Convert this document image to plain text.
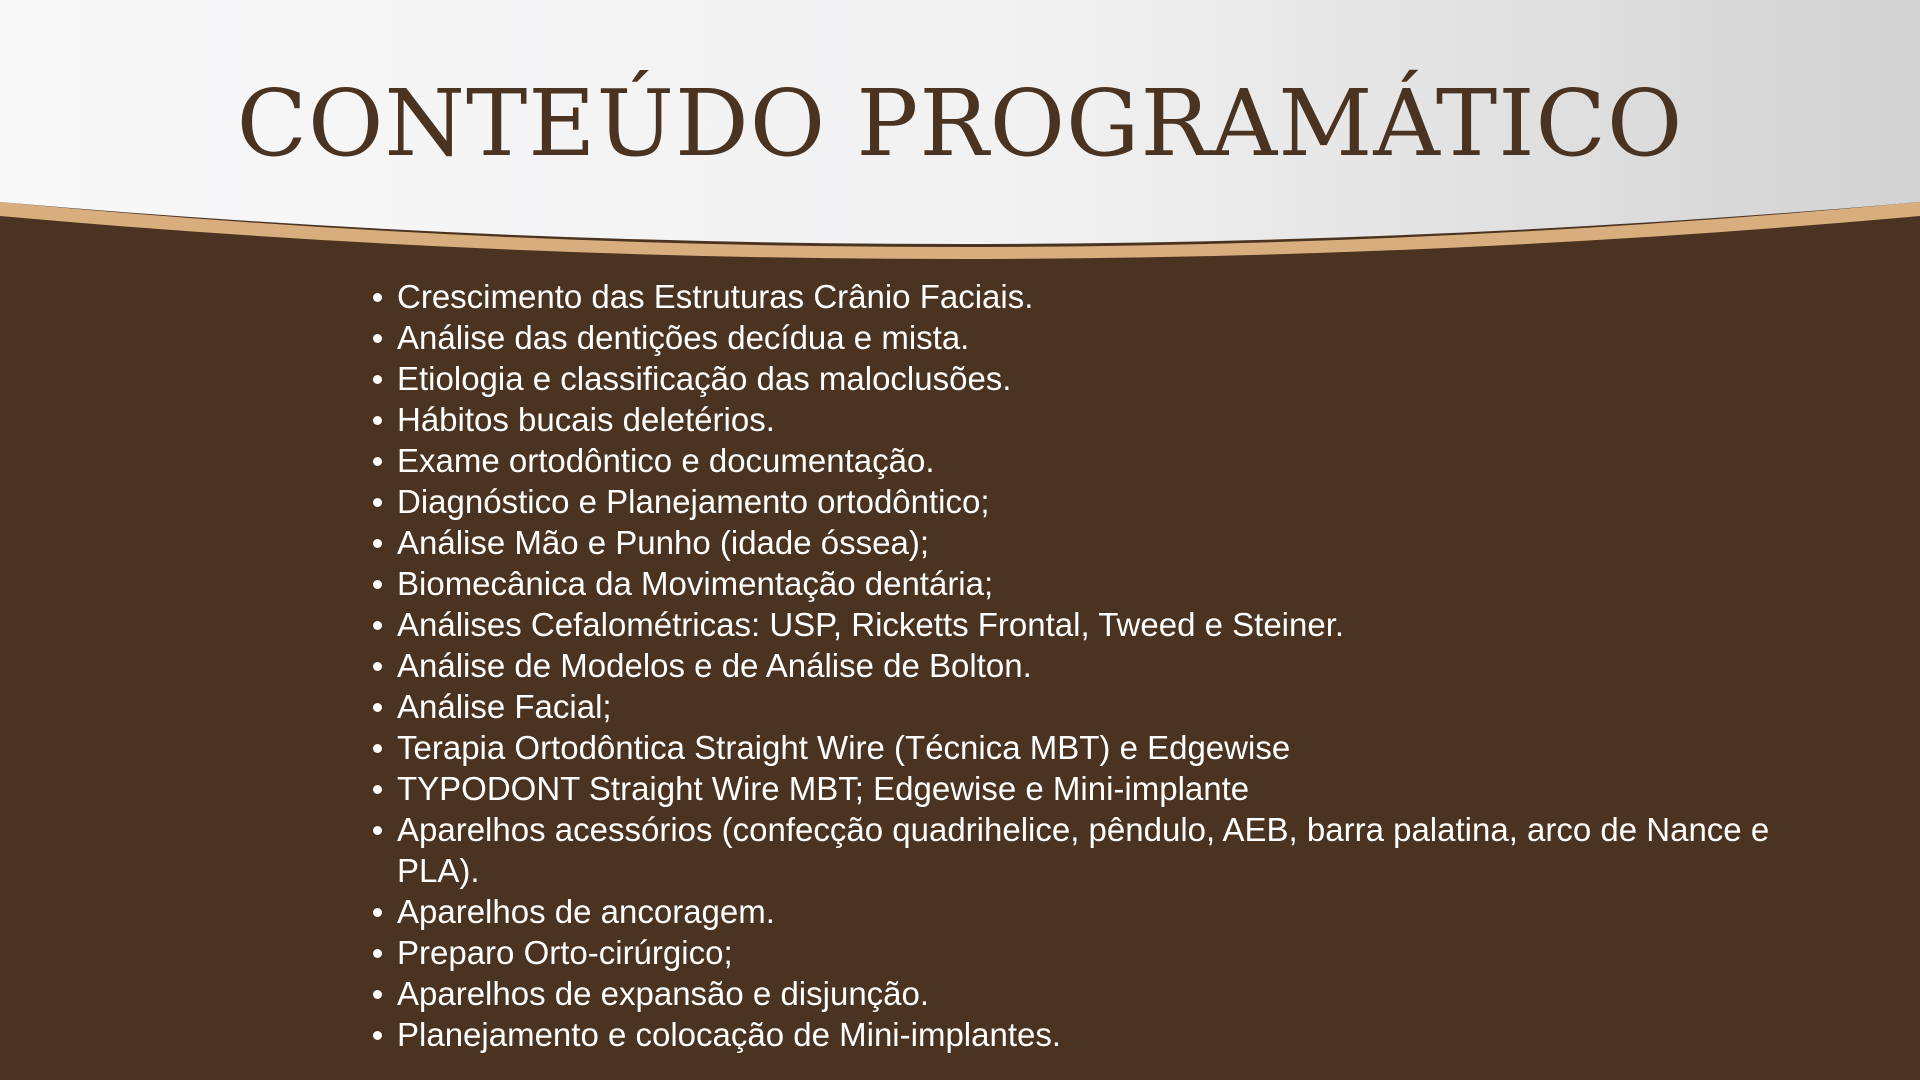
CONTEÚDO PROGRAMÁTICO
Crescimento das Estruturas Crânio Faciais.
Análise das dentições decídua e mista.
Etiologia e classificação das maloclusões.
Hábitos bucais deletérios.
Exame ortodôntico e documentação.
Diagnóstico e Planejamento ortodôntico;
Análise Mão e Punho (idade óssea);
Biomecânica da Movimentação dentária;
Análises Cefalométricas: USP, Ricketts Frontal, Tweed e Steiner.
Análise de Modelos e de Análise de Bolton.
Análise Facial;
Terapia Ortodôntica Straight Wire (Técnica MBT) e Edgewise
TYPODONT Straight Wire MBT; Edgewise e Mini-implante
Aparelhos acessórios (confecção quadrihelice, pêndulo, AEB, barra palatina, arco de Nance e PLA).
Aparelhos de ancoragem.
Preparo Orto-cirúrgico;
Aparelhos de expansão e disjunção.
Planejamento e colocação de Mini-implantes.
